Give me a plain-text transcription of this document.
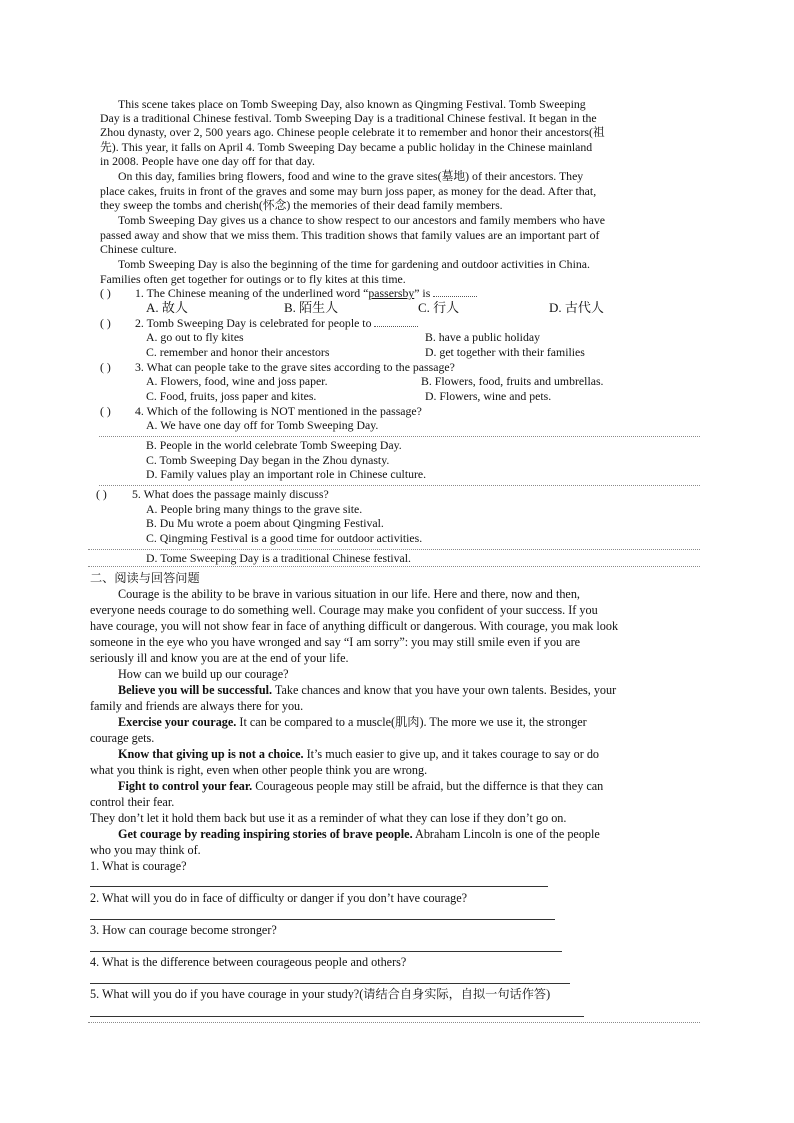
This scene takes place on Tomb Sweeping Day, also known as Qingming Festival. Tomb Sweeping
Day is a traditional Chinese festival. Tomb Sweeping Day is a traditional Chinese festival. It began in the
Zhou dynasty, over 2, 500 years ago. Chinese people celebrate it to remember and honor their ancestors(祖
先). This year, it falls on April 4. Tomb Sweeping Day became a public holiday in the Chinese mainland
in 2008. People have one day off for that day.
On this day, families bring flowers, food and wine to the grave sites(墓地) of their ancestors. They
place cakes, fruits in front of the graves and some may burn joss paper, as money for the dead. After that,
they sweep the tombs and cherish(怀念) the memories of their dead family members.
Tomb Sweeping Day gives us a chance to show respect to our ancestors and family members who have
passed away and show that we miss them. This tradition shows that family values are an important part of
Chinese culture.
Tomb Sweeping Day is also the beginning of the time for gardening and outdoor activities in China.
Families often get together for outings or to fly kites at this time.
( ) 1. The Chinese meaning of the underlined word “passersby” is
A. 故人	B. 陌生人	C. 行人	D. 古代人
( ) 2. Tomb Sweeping Day is celebrated for people to
A. go out to fly kites	B. have a public holiday
C. remember and honor their ancestors	D. get together with their families
( ) 3. What can people take to the grave sites according to the passage?
A. Flowers, food, wine and joss paper.	B. Flowers, food, fruits and umbrellas.
C. Food, fruits, joss paper and kites.	D. Flowers, wine and pets.
( ) 4. Which of the following is NOT mentioned in the passage?
A. We have one day off for Tomb Sweeping Day.
B. People in the world celebrate Tomb Sweeping Day.
C. Tomb Sweeping Day began in the Zhou dynasty.
D. Family values play an important role in Chinese culture.
( ) 5. What does the passage mainly discuss?
A. People bring many things to the grave site.
B. Du Mu wrote a poem about Qingming Festival.
C. Qingming Festival is a good time for outdoor activities.
D. Tome Sweeping Day is a traditional Chinese festival.
二、阅读与回答问题
Courage is the ability to be brave in various situation in our life. Here and there, now and then,
everyone needs courage to do something well. Courage may make you confident of your success. If you
have courage, you will not show fear in face of anything difficult or dangerous. With courage, you mak look
someone in the eye who you have wronged and say “I am sorry”: you may still smile even if you are
seriously ill and know you are at the end of your life.
How can we build up our courage?
Believe you will be successful. Take chances and know that you have your own talents. Besides, your
family and friends are always there for you.
Exercise your courage. It can be compared to a muscle(肌肉). The more we use it, the stronger
courage gets.
Know that giving up is not a choice. It’s much easier to give up, and it takes courage to say or do
what you think is right, even when other people think you are wrong.
Fight to control your fear. Courageous people may still be afraid, but the differnce is that they can
control their fear.
They don’t let it hold them back but use it as a reminder of what they can lose if they don’t go on.
Get courage by reading inspiring stories of brave people. Abraham Lincoln is one of the people
who you may think of.
1. What is courage?
2. What will you do in face of difficulty or danger if you don’t have courage?
3. How can courage become stronger?
4. What is the difference between courageous people and others?
5. What will you do if you have courage in your study?(请结合自身实际，自拟一句话作答)
